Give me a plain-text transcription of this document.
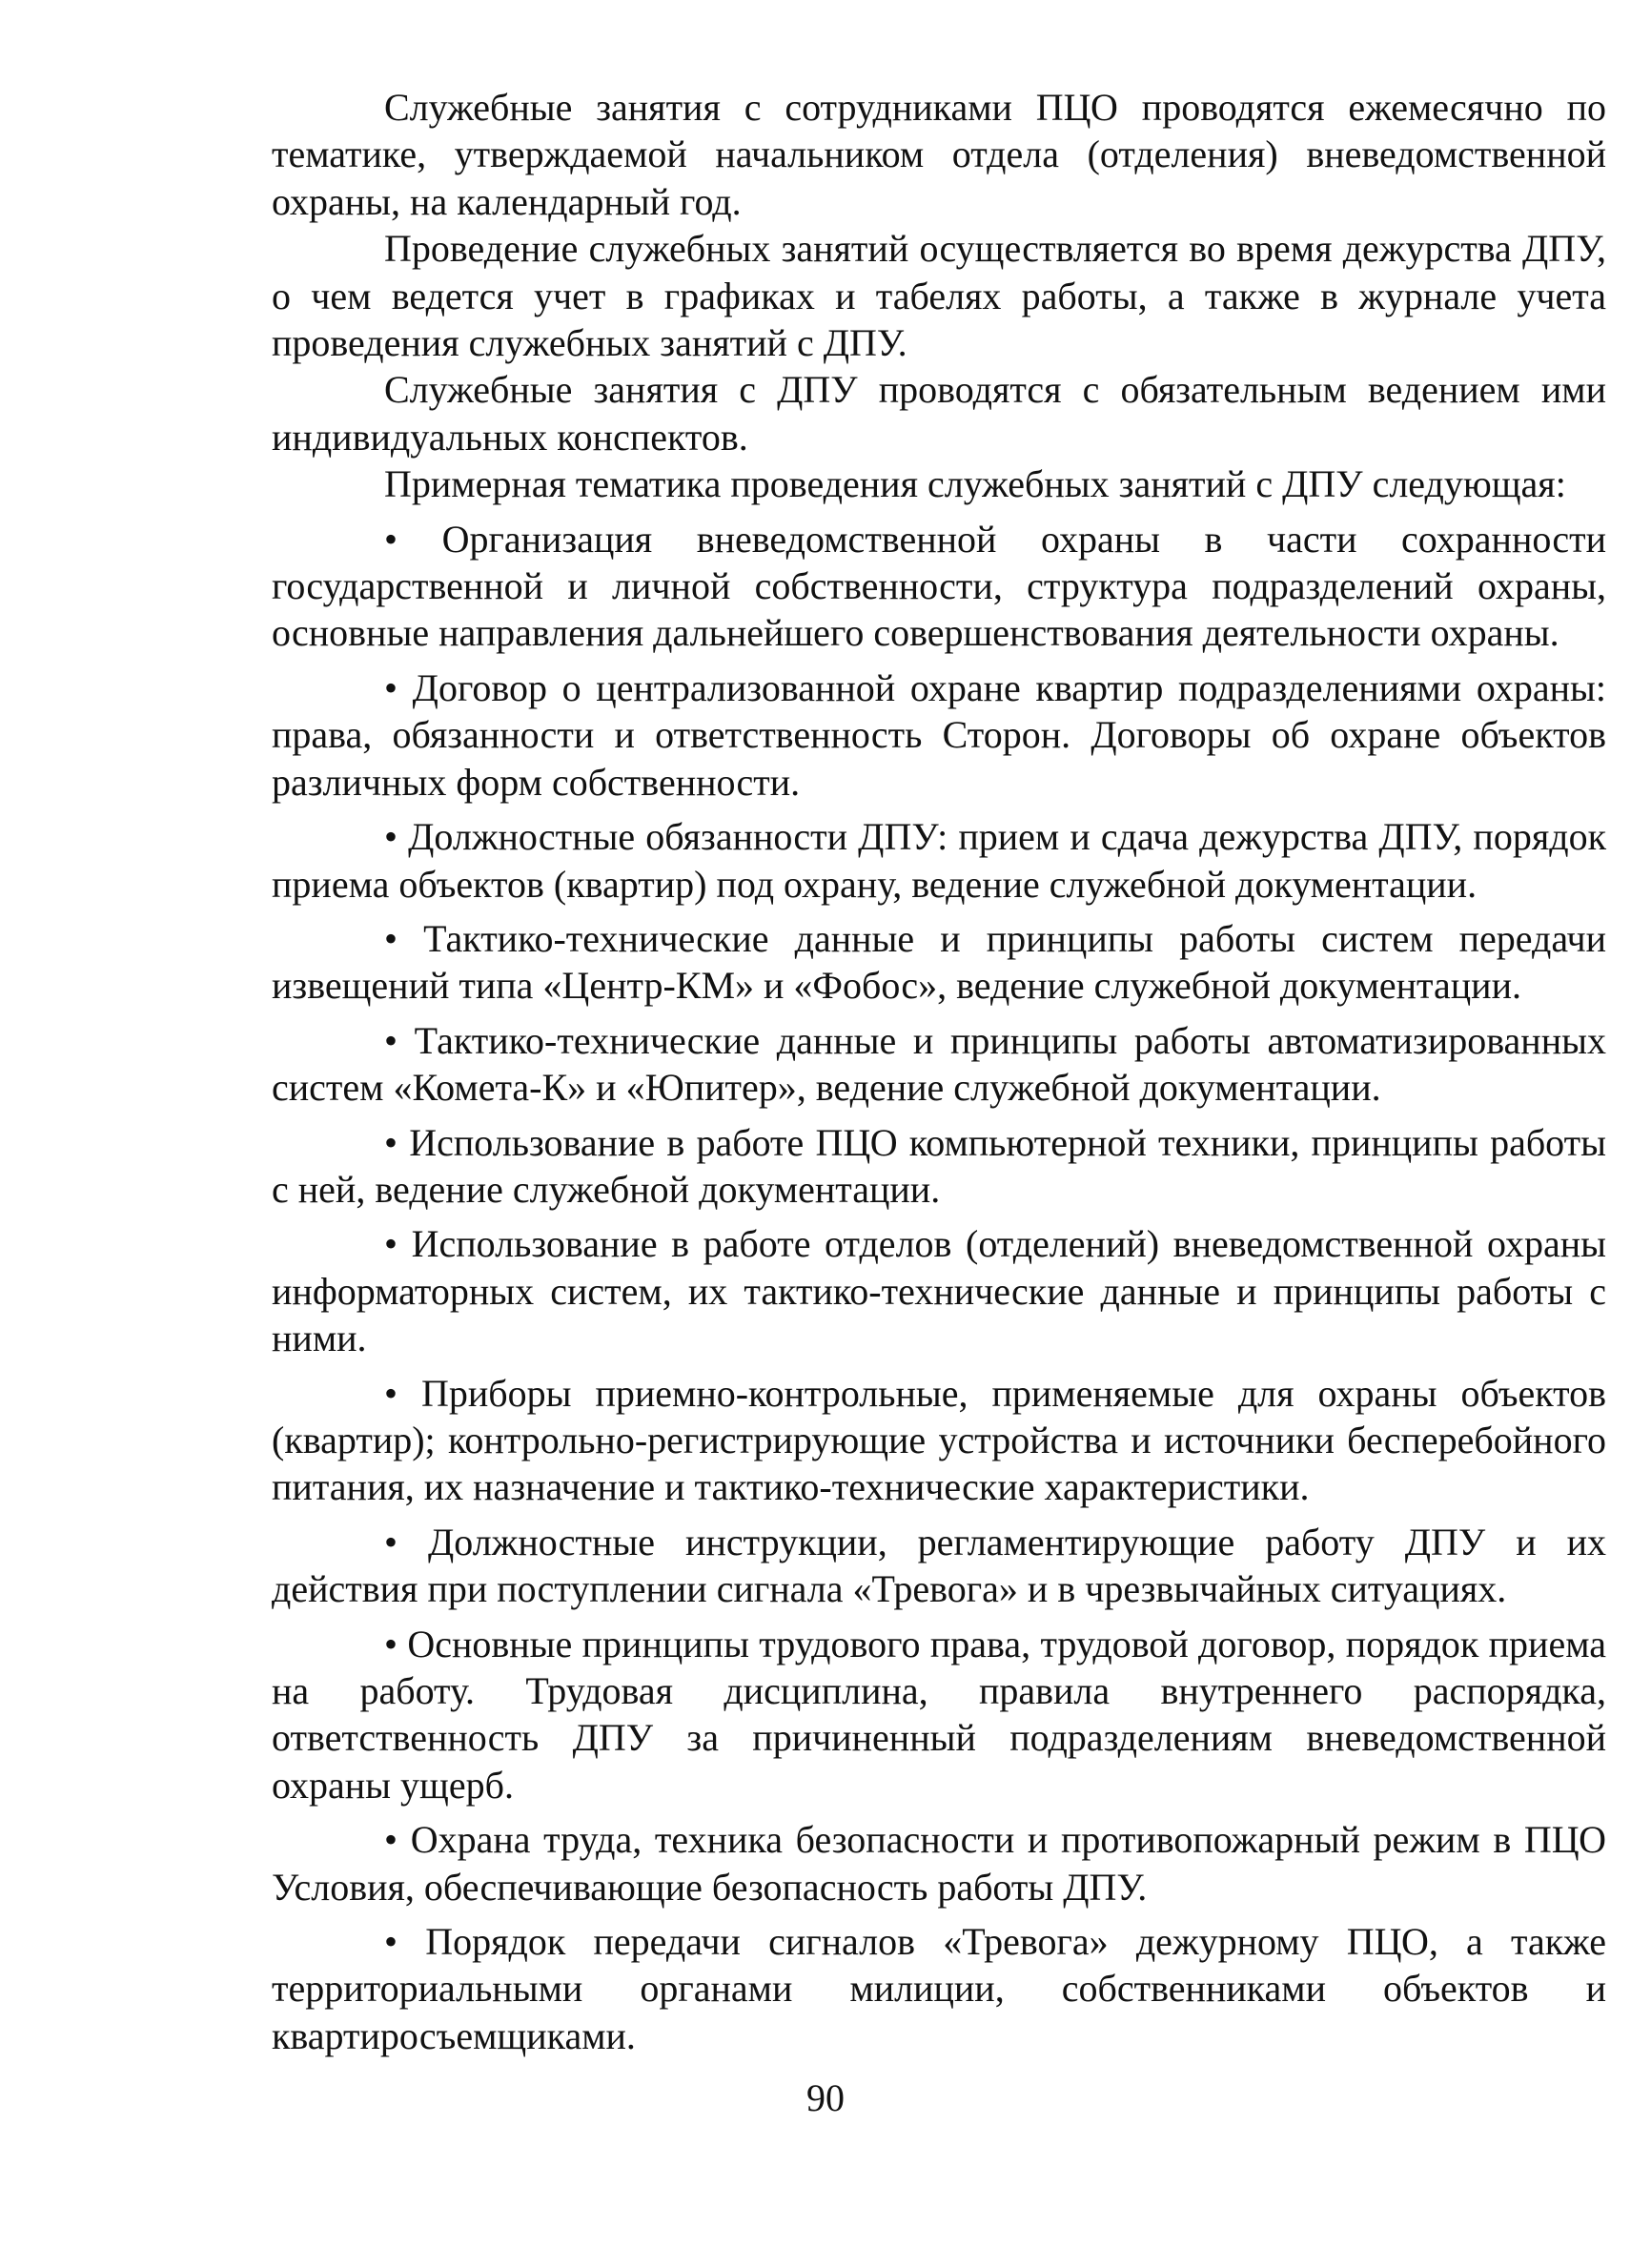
Служебные занятия с сотрудниками ПЦО проводятся ежемесячно по тематике, утверждаемой начальником отдела (отделения) вневедомственной охраны, на календарный год.

Проведение служебных занятий осуществляется во время дежурства ДПУ, о чем ведется учет в графиках и табелях работы, а также в журнале учета проведения служебных занятий с ДПУ.

Служебные занятия с ДПУ проводятся с обязательным ведением ими индивидуальных конспектов.

Примерная тематика проведения служебных занятий с ДПУ следующая:

• Организация вневедомственной охраны в части сохранности государственной и личной собственности, структура подразделений охраны, основные направления дальнейшего совершенствования деятельности охраны.

• Договор о централизованной охране квартир подразделениями охраны: права, обязанности и ответственность Сторон. Договоры об охране объектов различных форм собственности.

• Должностные обязанности ДПУ: прием и сдача дежурства ДПУ, порядок приема объектов (квартир) под охрану, ведение служебной документации.

• Тактико-технические данные и принципы работы систем передачи извещений типа «Центр-КМ» и «Фобос», ведение служебной документации.

• Тактико-технические данные и принципы работы автоматизированных систем «Комета-К» и «Юпитер», ведение служебной документации.

• Использование в работе ПЦО компьютерной техники, принципы работы с ней, ведение служебной документации.

• Использование в работе отделов (отделений) вневедомственной охраны информаторных систем, их тактико-технические данные и принципы работы с ними.

• Приборы приемно-контрольные, применяемые для охраны объектов (квартир); контрольно-регистрирующие устройства и источники бесперебойного питания, их назначение и тактико-технические характеристики.

• Должностные инструкции, регламентирующие работу ДПУ и их действия при поступлении сигнала «Тревога» и в чрезвычайных ситуациях.

• Основные принципы трудового права, трудовой договор, порядок приема на работу. Трудовая дисциплина, правила внутреннего распорядка, ответственность ДПУ за причиненный подразделениям вневедомственной охраны ущерб.

• Охрана труда, техника безопасности и противопожарный режим в ПЦО Условия, обеспечивающие безопасность работы ДПУ.

• Порядок передачи сигналов «Тревога» дежурному ПЦО, а также территориальными органами милиции, собственниками объектов и квартиросъемщиками.

90
